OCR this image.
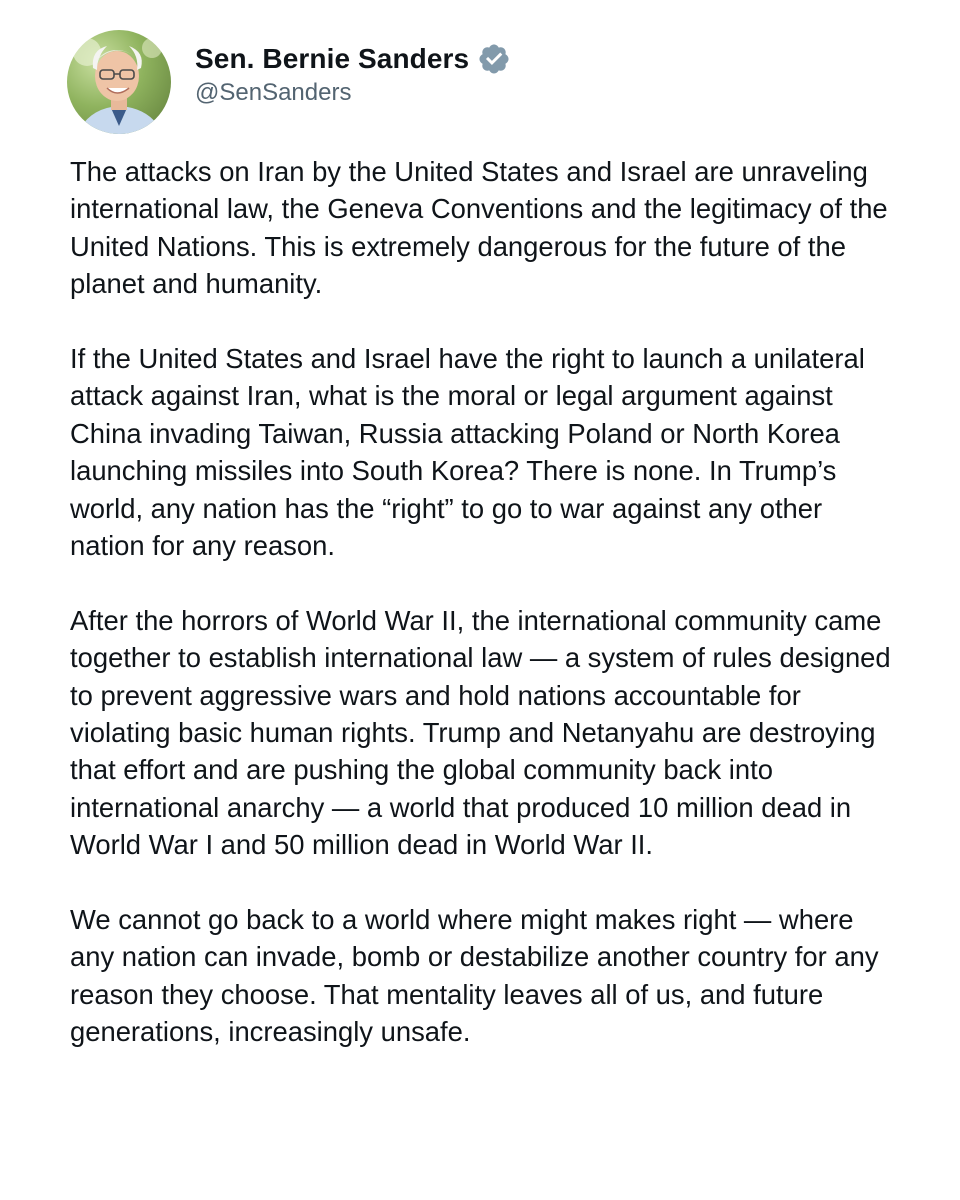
Sen. Bernie Sanders
@SenSanders

The attacks on Iran by the United States and Israel are unraveling international law, the Geneva Conventions and the legitimacy of the United Nations. This is extremely dangerous for the future of the planet and humanity.

If the United States and Israel have the right to launch a unilateral attack against Iran, what is the moral or legal argument against China invading Taiwan, Russia attacking Poland or North Korea launching missiles into South Korea? There is none. In Trump’s world, any nation has the “right” to go to war against any other nation for any reason.

After the horrors of World War II, the international community came together to establish international law — a system of rules designed to prevent aggressive wars and hold nations accountable for violating basic human rights. Trump and Netanyahu are destroying that effort and are pushing the global community back into international anarchy — a world that produced 10 million dead in World War I and 50 million dead in World War II.

We cannot go back to a world where might makes right — where any nation can invade, bomb or destabilize another country for any reason they choose. That mentality leaves all of us, and future generations, increasingly unsafe.
